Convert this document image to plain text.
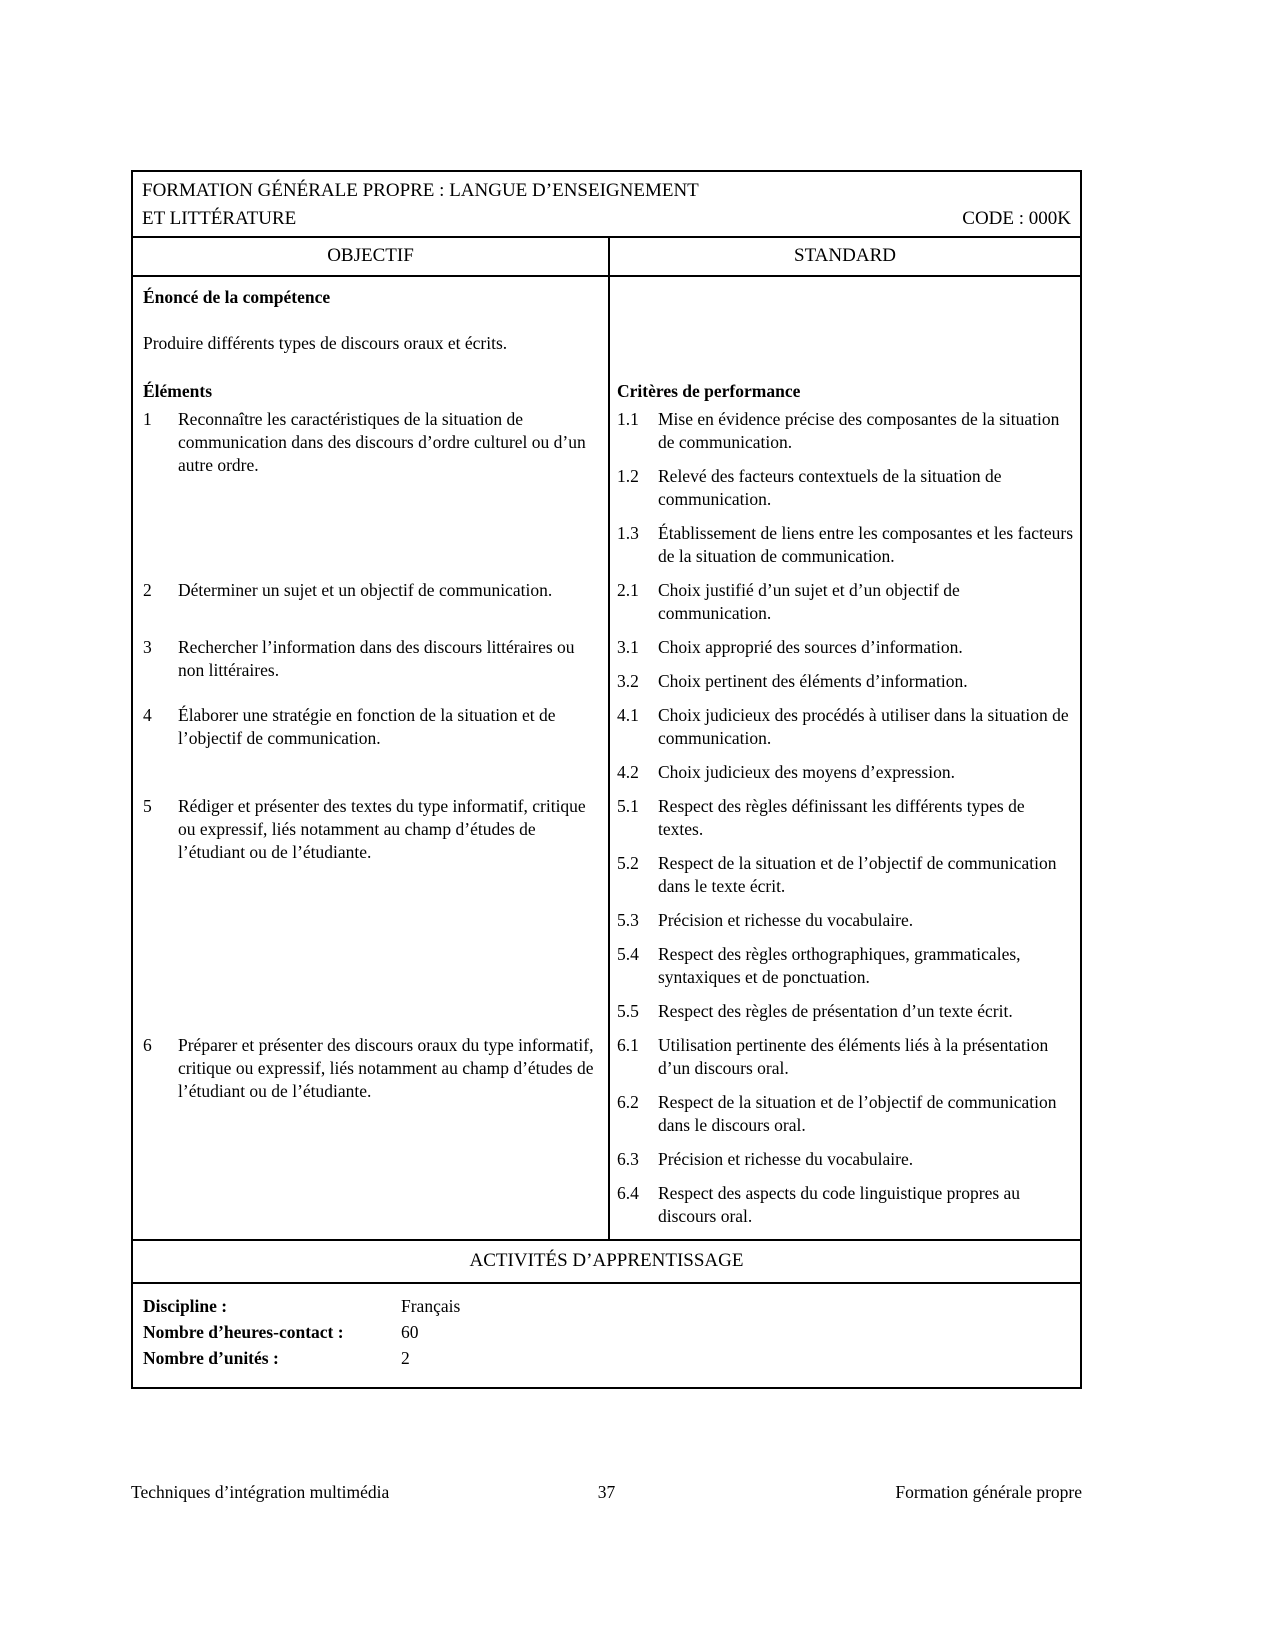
FORMATION GÉNÉRALE PROPRE : LANGUE D’ENSEIGNEMENT
ET LITTÉRATURE	CODE : 000K
OBJECTIF	STANDARD
Énoncé de la compétence
Produire différents types de discours oraux et écrits.
Éléments	Critères de performance
1	Reconnaître les caractéristiques de la situation de communication dans des discours d’ordre culturel ou d’un autre ordre.
1.1	Mise en évidence précise des composantes de la situation de communication.
1.2	Relevé des facteurs contextuels de la situation de communication.
1.3	Établissement de liens entre les composantes et les facteurs de la situation de communication.
2	Déterminer un sujet et un objectif de communication.	2.1	Choix justifié d’un sujet et d’un objectif de communication.
3	Rechercher l’information dans des discours littéraires ou non littéraires.
3.1	Choix approprié des sources d’information.
3.2	Choix pertinent des éléments d’information.
4	Élaborer une stratégie en fonction de la situation et de l’objectif de communication.
4.1	Choix judicieux des procédés à utiliser dans la situation de communication.
4.2	Choix judicieux des moyens d’expression.
5	Rédiger et présenter des textes du type informatif, critique ou expressif, liés notamment au champ d’études de l’étudiant ou de l’étudiante.
5.1	Respect des règles définissant les différents types de textes.
5.2	Respect de la situation et de l’objectif de communication dans le texte écrit.
5.3	Précision et richesse du vocabulaire.
5.4	Respect des règles orthographiques, grammaticales, syntaxiques et de ponctuation.
5.5	Respect des règles de présentation d’un texte écrit.
6	Préparer et présenter des discours oraux du type informatif, critique ou expressif, liés notamment au champ d’études de l’étudiant ou de l’étudiante.
6.1	Utilisation pertinente des éléments liés à la présentation d’un discours oral.
6.2	Respect de la situation et de l’objectif de communication dans le discours oral.
6.3	Précision et richesse du vocabulaire.
6.4	Respect des aspects du code linguistique propres au discours oral.
ACTIVITÉS D’APPRENTISSAGE
Discipline :	Français
Nombre d’heures-contact :	60
Nombre d’unités :	2
Techniques d’intégration multimédia	37	Formation générale propre
